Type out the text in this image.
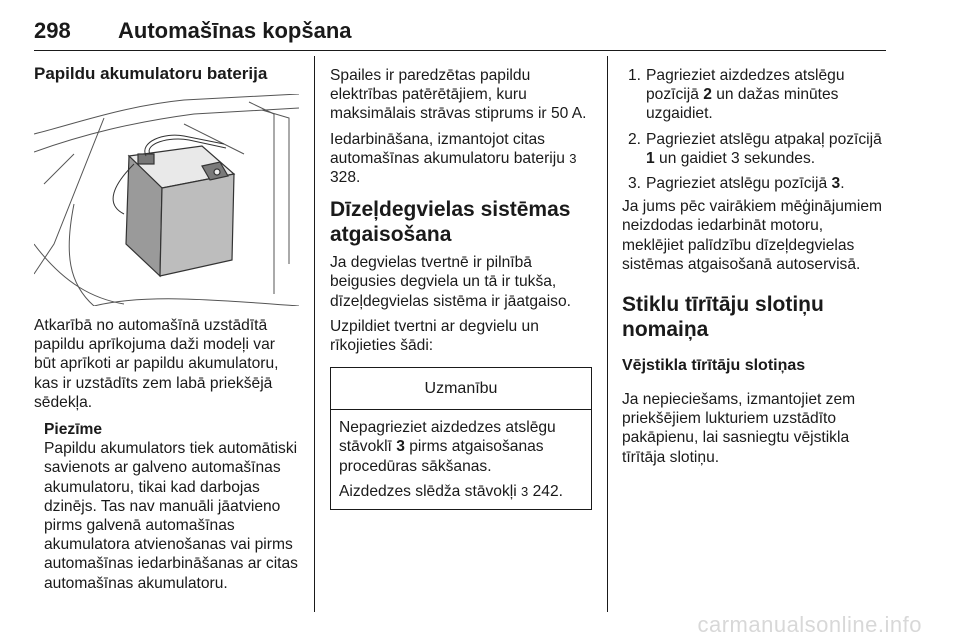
298 Automašīnas kopšana

Papildu akumulatoru baterija

Atkarībā no automašīnā uzstādītā papildu aprīkojuma daži modeļi var būt aprīkoti ar papildu akumulatoru, kas ir uzstādīts zem labā priekšējā sēdekļa.

Piezīme

Papildu akumulators tiek automātiski savienots ar galveno automašīnas akumulatoru, tikai kad darbojas dzinējs. Tas nav manuāli jāatvieno pirms galvenā automašīnas akumulatora atvienošanas vai pirms automašīnas iedarbināšanas ar citas automašīnas akumulatoru.

Spailes ir paredzētas papildu elektrības patērētājiem, kuru maksimālais strāvas stiprums ir 50 A.

Iedarbināšana, izmantojot citas automašīnas akumulatoru bateriju 3 328.

Dīzeļdegvielas sistēmas atgaisošana

Ja degvielas tvertnē ir pilnībā beigusies degviela un tā ir tukša, dīzeļdegvielas sistēma ir jāatgaiso.

Uzpildiet tvertni ar degvielu un rīkojieties šādi:

Uzmanību

Nepagrieziet aizdedzes atslēgu stāvoklī 3 pirms atgaisošanas procedūras sākšanas.

Aizdedzes slēdža stāvokļi 3 242.

1. Pagrieziet aizdedzes atslēgu pozīcijā 2 un dažas minūtes uzgaidiet.
2. Pagrieziet atslēgu atpakaļ pozīcijā 1 un gaidiet 3 sekundes.
3. Pagrieziet atslēgu pozīcijā 3.

Ja jums pēc vairākiem mēģinājumiem neizdodas iedarbināt motoru, meklējiet palīdzību dīzeļdegvielas sistēmas atgaisošanā autoservisā.

Stiklu tīrītāju slotiņu nomaiņa

Vējstikla tīrītāju slotiņas

Ja nepieciešams, izmantojiet zem priekšējiem lukturiem uzstādīto pakāpienu, lai sasniegtu vējstikla tīrītāja slotiņu.

carmanualsonline.info
